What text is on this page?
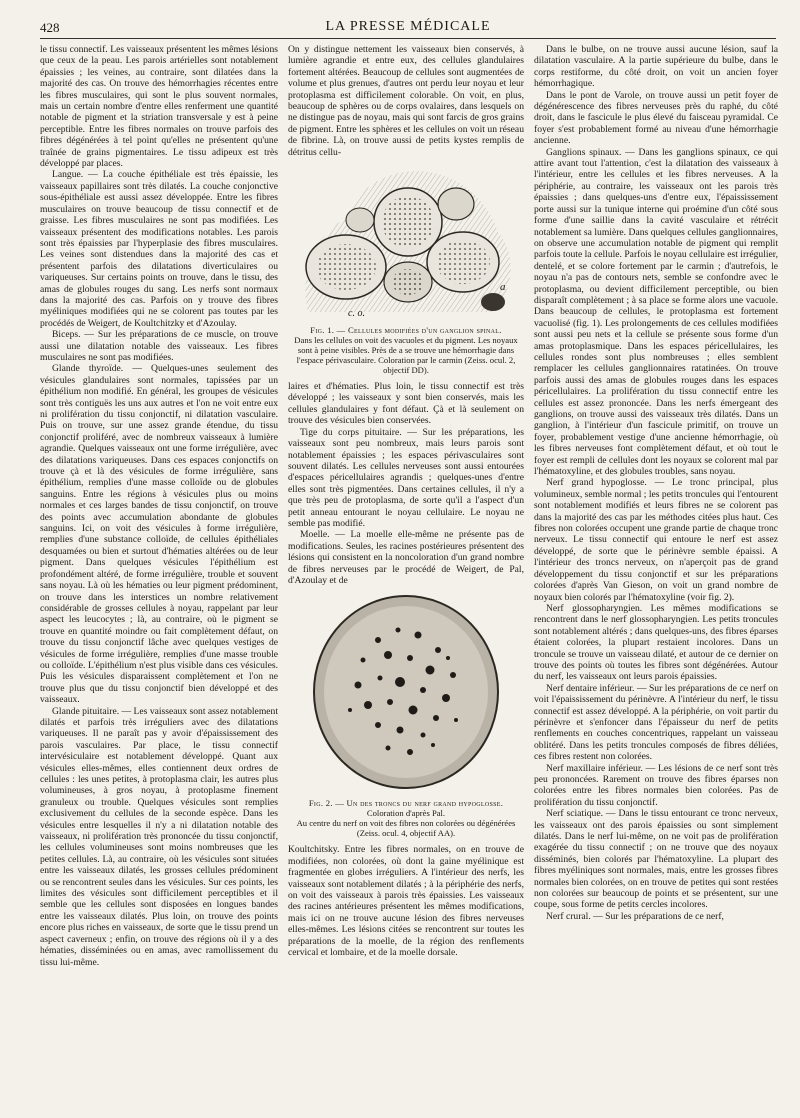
428	LA PRESSE MÉDICALE

le tissu connectif. Les vaisseaux présentent les mêmes lésions que ceux de la peau. Les parois artérielles sont notablement épaissies ; les veines, au contraire, sont dilatées dans la majorité des cas. On trouve des hémorrhagies récentes entre les fibres musculaires, qui sont le plus souvent normales, mais un certain nombre d'entre elles renferment une quantité notable de pigment et la striation transversale y est à peine perceptible. Entre les fibres normales on trouve parfois des fibres dégénérées à tel point qu'elles ne présentent qu'une traînée de grains pigmentaires. Le tissu adipeux est très développé par places.

Langue. — La couche épithéliale est très épaissie, les vaisseaux papillaires sont très dilatés. La couche conjonctive sous-épithéliale est aussi assez développée. Entre les fibres musculaires on trouve beaucoup de tissu connectif et de graisse. Les fibres musculaires ne sont pas modifiées. Les vaisseaux présentent des modifications notables. Les parois sont très épaissies par l'hyperplasie des fibres musculaires. Les veines sont distendues dans la majorité des cas et présentent parfois des dilatations diverticulaires ou variqueuses. Sur certains points on trouve, dans le tissu, des amas de globules rouges du sang. Les nerfs sont normaux dans la majorité des cas. Parfois on y trouve des fibres myéliniques modifiées qui ne se colorent pas toutes par les procédés de Weigert, de Koultchitzky et d'Azoulay.

Biceps. — Sur les préparations de ce muscle, on trouve aussi une dilatation notable des vaisseaux. Les fibres musculaires ne sont pas modifiées.

Glande thyroïde. — Quelques-unes seulement des vésicules glandulaires sont normales, tapissées par un épithélium non modifié. En général, les groupes de vésicules sont très contiguës les uns aux autres et l'on ne voit entre eux ni prolifération du tissu conjonctif, ni dilatation vasculaire. Puis on trouve, sur une assez grande étendue, du tissu conjonctif proliféré, avec de nombreux vaisseaux à lumière agrandie. Quelques vaisseaux ont une forme irrégulière, avec des dilatations variqueuses. Dans ces espaces conjonctifs on trouve çà et là des vésicules de forme irrégulière, sans épithélium, remplies d'une masse colloïde ou de globules sanguins. Entre les régions à vésicules plus ou moins normales et ces larges bandes de tissu conjonctif, on trouve des points avec accumulation abondante de globules sanguins. Ici, on voit des vésicules à forme irrégulière, remplies d'une substance colloïde, de cellules épithéliales desquamées ou bien et surtout d'hématies altérées ou de leur pigment. Dans quelques vésicules l'épithélium est profondément altéré, de forme irrégulière, trouble et souvent sans noyau. Là où les hématies ou leur pigment prédominent, on trouve dans les interstices un nombre relativement considérable de grosses cellules à noyau, rappelant par leur aspect les leucocytes ; là, au contraire, où le pigment se trouve en quantité moindre ou fait complètement défaut, on trouve du tissu conjonctif lâche avec quelques vestiges de vésicules de forme irrégulière, remplies d'une masse trouble ou colloïde. L'épithélium n'est plus visible dans ces vésicules. Puis les vésicules disparaissent complètement et l'on ne trouve plus que du tissu conjonctif bien développé et des vaisseaux.

Glande pituitaire. — Les vaisseaux sont assez notablement dilatés et parfois très irréguliers avec des dilatations variqueuses. Il ne paraît pas y avoir d'épaississement des parois vasculaires. Par place, le tissu connectif intervésiculaire est notablement développé. Quant aux vésicules elles-mêmes, elles contiennent deux ordres de cellules : les unes petites, à protoplasma clair, les autres plus volumineuses, à gros noyau, à protoplasme finement granuleux ou trouble. Quelques vésicules sont remplies exclusivement du cellules de la seconde espèce. Dans les vésicules entre lesquelles il n'y a ni dilatation notable des vaisseaux, ni prolifération très prononcée du tissu conjonctif, les cellules volumineuses sont moins nombreuses que les petites cellules. Là, au contraire, où les vésicules sont situées entre les vaisseaux dilatés, les grosses cellules prédominent ou se rencontrent seules dans les vésicules. Sur ces points, les limites des vésicules sont difficilement perceptibles et il semble que les cellules sont disposées en longues bandes entre les vaisseaux dilatés. Plus loin, on trouve des points encore plus riches en vaisseaux, de sorte que le tissu prend un aspect caverneux ; enfin, on trouve des régions où il y a des hématies, disséminées ou en amas, avec ramollissement du tissu lui-même.

On y distingue nettement les vaisseaux bien conservés, à lumière agrandie et entre eux, des cellules glandulaires fortement altérées. Beaucoup de cellules sont augmentées de volume et plus grenues, d'autres ont perdu leur noyau et leur protoplasma est difficilement colorable. On voit, en plus, beaucoup de sphères ou de corps ovalaires, dans lesquels on ne distingue pas de noyau, mais qui sont farcis de gros grains de pigment. Entre les sphères et les cellules on voit un réseau de fibrine. Là, on trouve aussi de petits kystes remplis de détritus cellu-

a
c. o.
Fig. 1. — Cellules modifiées d'un ganglion spinal.
Dans les cellules on voit des vacuoles et du pigment. Les noyaux sont à peine visibles. Près de a se trouve une hémorrhagie dans l'espace périvasculaire. Coloration par le carmin (Zeiss. ocul. 2, objectif DD).

laires et d'hématies. Plus loin, le tissu connectif est très développé ; les vaisseaux y sont bien conservés, mais les cellules glandulaires y font défaut. Çà et là seulement on trouve des vésicules bien conservées.

Tige du corps pituitaire. — Sur les préparations, les vaisseaux sont peu nombreux, mais leurs parois sont notablement épaissies ; les espaces périvasculaires sont souvent dilatés. Les cellules nerveuses sont aussi entourées d'espaces péricellulaires agrandis ; quelques-unes d'entre elles sont très pigmentées. Dans certaines cellules, il n'y a que très peu de protoplasma, de sorte qu'il a l'aspect d'un petit anneau entourant le noyau cellulaire. Le noyau ne semble pas modifié.

Moelle. — La moelle elle-même ne présente pas de modifications. Seules, les racines postérieures présentent des lésions qui consistent en la noncoloration d'un grand nombre de fibres nerveuses par le procédé de Weigert, de Pal, d'Azoulay et de

Fig. 2. — Un des troncs du nerf grand hypoglosse.
Coloration d'après Pal.
Au centre du nerf on voit des fibres non colorées ou dégénérées (Zeiss. ocul. 4, objectif AA).

Koultchitsky. Entre les fibres normales, on en trouve de modifiées, non colorées, où dont la gaine myélinique est fragmentée en globes irréguliers. A l'intérieur des nerfs, les vaisseaux sont notablement dilatés ; à la périphérie des nerfs, on voit des vaisseaux à parois très épaissies. Les vaisseaux des racines antérieures présentent les mêmes modifications, mais ici on ne trouve aucune lésion des fibres nerveuses elles-mêmes. Les lésions citées se rencontrent sur toutes les préparations de la moelle, de la région des renflements cervical et lombaire, et de la moelle dorsale.

Dans le bulbe, on ne trouve aussi aucune lésion, sauf la dilatation vasculaire. A la partie supérieure du bulbe, dans le corps restiforme, du côté droit, on voit un ancien foyer hémorrhagique.

Dans le pont de Varole, on trouve aussi un petit foyer de dégénérescence des fibres nerveuses près du raphé, du côté droit, dans le fascicule le plus élevé du faisceau pyramidal. Ce foyer s'est probablement formé au niveau d'une hémorrhagie ancienne.

Ganglions spinaux. — Dans les ganglions spinaux, ce qui attire avant tout l'attention, c'est la dilatation des vaisseaux à l'intérieur, entre les cellules et les fibres nerveuses. A la périphérie, au contraire, les vaisseaux ont les parois très épaissies ; dans quelques-uns d'entre eux, l'épaississement porte aussi sur la tunique interne qui proémine d'un côté sous forme d'une saillie dans la cavité vasculaire et rétrécit notablement sa lumière. Dans quelques cellules ganglionnaires, on observe une accumulation notable de pigment qui remplit parfois toute la cellule. Parfois le noyau cellulaire est irrégulier, dentelé, et se colore fortement par le carmin ; d'autrefois, le noyau n'a pas de contours nets, semble se confondre avec le protoplasma, ou devient difficilement perceptible, ou bien disparaît complètement ; à sa place se forme alors une vacuole. Dans beaucoup de cellules, le protoplasma est fortement vacuolisé (fig. 1). Les prolongements de ces cellules modifiées sont aussi peu nets et la cellule se présente sous forme d'un amas protoplasmique. Dans les espaces péricellulaires, les cellules rondes sont plus nombreuses ; elles semblent remplacer les cellules ganglionnaires ratatinées. On trouve parfois aussi des amas de globules rouges dans les espaces péricellulaires. La prolifération du tissu connectif entre les cellules est assez prononcée. Dans les nerfs émergeant des ganglions, on trouve aussi des vaisseaux très dilatés. Dans un ganglion, à l'intérieur d'un fascicule primitif, on trouve un foyer, probablement vestige d'une ancienne hémorrhagie, où les fibres nerveuses font complètement défaut, et où tout le foyer est rempli de cellules dont les noyaux se colorent mal par l'hématoxyline, et des globules troubles, sans noyau.

Nerf grand hypoglosse. — Le tronc principal, plus volumineux, semble normal ; les petits troncules qui l'entourent sont notablement modifiés et leurs fibres ne se colorent pas dans la majorité des cas par les méthodes citées plus haut. Ces fibres non colorées occupent une grande partie de chaque tronc nerveux. Le tissu connectif qui entoure le nerf est assez développé, de sorte que le périnèvre semble épaissi. A l'intérieur des troncs nerveux, on n'aperçoit pas de grand développement du tissu conjonctif et sur les préparations colorées d'après Van Gieson, on voit un grand nombre de noyaux bien colorés par l'hématoxyline (voir fig. 2).

Nerf glossopharyngien. Les mêmes modifications se rencontrent dans le nerf glossopharyngien. Les petits troncules sont notablement altérés ; dans quelques-uns, des fibres éparses étaient colorées, la plupart restaient incolores. Dans un troncule se trouve un vaisseau dilaté, et autour de ce dernier on trouve des points où toutes les fibres sont dégénérées. Autour du nerf, les vaisseaux ont leurs parois épaissies.

Nerf dentaire inférieur. — Sur les préparations de ce nerf on voit l'épaississement du périnèvre. A l'intérieur du nerf, le tissu connectif est assez développé. A la périphérie, on voit partir du périnèvre et s'enfoncer dans l'épaisseur du nerf de petits renflements en couches concentriques, rappelant un vaisseau oblitéré. Dans les petits troncules composés de fibres déliées, ces fibres restent non colorées.

Nerf maxillaire inférieur. — Les lésions de ce nerf sont très peu prononcées. Rarement on trouve des fibres éparses non colorées entre les fibres normales bien colorées. Pas de prolifération du tissu conjonctif.

Nerf sciatique. — Dans le tissu entourant ce tronc nerveux, les vaisseaux ont des parois épaissies ou sont simplement dilatés. Dans le nerf lui-même, on ne voit pas de prolifération exagérée du tissu connectif ; on ne trouve que des noyaux disséminés, bien colorés par l'hématoxyline. La plupart des fibres myéliniques sont normales, mais, entre les grosses fibres normales bien colorées, on en trouve de petites qui sont restées non colorées sur beaucoup de points et se présentent, sur une coupe, sous forme de petits cercles incolores.

Nerf crural. — Sur les préparations de ce nerf,
